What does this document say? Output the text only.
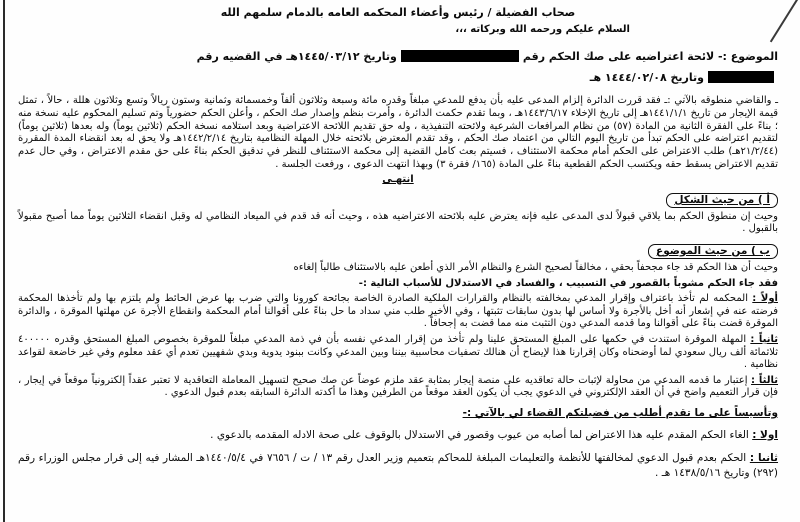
صحاب الفضيلة / رئيس وأعضاء المحكمه العامه بالدمام سلمهم الله
السلام عليكم ورحمه الله وبركاته ،،،
الموضوع :- لائحة اعتراضيه على صك الحكم رقموتاريخ ١٤٤٥/٠٣/١٢هـ في القضيه رقم
وتاريخ ١٤٤٤/٠٢/٠٨ هـ

ـ والقاضي منطوقه بالآتي :ـ فقد قررت الدائرة إلزام المدعى عليه بأن يدفع للمدعي مبلغاً وقدره مائة وسبعة وثلاثون ألفاً وخمسمائة وثمانية وستون ريالاً وتسع وثلاثون هللة ، حالاً ، تمثل قيمة الإيجار من تاريخ ١٤٤١/١/١هـ إلى تاريخ الإخلاء ١٤٤٣/٦/١٧هـ ، وبما تقدم حكمت الدائرة ، وأمرت بنظم وإصدار صك الحكم ، وأعلن الحكم حضورياً وتم تسليم المحكوم عليه نسخة منه ؛ بناءً على الفقرة الثانية من المادة (٥٧) من نظام المرافعات الشرعية ولائحته التنفيذية ، وله حق تقديم اللائحة الاعتراضية وبعد استلامه نسخة الحكم (ثلاثين يوماً) وله بعدها (ثلاثين يوماً) لتقديم اعتراضه على الحكم تبدأ من تاريخ اليوم التالي من اعتماد صك الحكم ، وقد تقدم المعترض بلائحته خلال المهلة النظامية بتاريخ ١٤٤٢/٢/١٤هـ ولا يحق له بعد انقضاء المدة المقررة (٢١/٢/٤٤هـ) طلب الاعتراض على الحكم أمام محكمة الاستئناف ، فسيتم بعث كامل القضية إلى محكمة الاستئناف للنظر في تدقيق الحكم بناءً على حق مقدم الاعتراض ، وفي حال عدم تقديم الاعتراض يسقط حقه ويكتسب الحكم القطعية بناءً على المادة (١٦٥/ فقرة ٣) وبهذا انتهت الدعوى ، ورفعت الجلسة .

انتهـى
أ ) من حيث الشكل

وحيث إن منطوق الحكم بما يلاقي قبولاً لدى المدعى عليه فإنه يعترض عليه بلائحته الاعتراضيه هذه ، وحيث أنه قد قدم في الميعاد النظامي له وقبل انقضاء الثلاثين يوماً مما أصبح مقبولاً بالقبول .

ب ) من حيث الموضوع

وحيث أن هذا الحكم قد جاء مجحفاً بحقي ، مخالفاً لصحيح الشرع والنظام الأمر الذي أطعن عليه بالاستئناف طالباً إلغاءه

فقد جاء الحكم مشوباً بالقصور في التسبيب ، والفساد في الاستدلال للأسباب التالية :-

أولاً : المحكمه لم تأخذ باعتراف وإقرار المدعي بمخالفته بالنظام والقرارات الملكية الصادرة الخاصة بجائحة كورونا والتي ضرب بها عرض الحائط ولم يلتزم بها ولم تأخذها المحكمة فرضته عنه في إشعار أنه أخل بالأجرة ولا أساس لها بدون سابقات تثبتها ، وفي الأخير طلب مني سداد ما حل بناءً على أقوالنا أمام المحكمة وانقطاع الأجرة عن مهلتها الموقرة ، والدائرة الموقرة قضت بناءً على أقوالنا وما قدمه المدعي دون التثبت منه مما قضت به إجحافاً .

ثانياً : المهلة الموقرة استندت في حكمها على المبلغ المستحق علينا ولم تأخذ من إقرار المدعي نفسه بأن في ذمة المدعي مبلغاً للموقرة بخصوص المبلغ المستحق وقدره ٤٠٠٠٠٠ ثلاثمائة ألف ريال سعودي لما أوضحناه وكان إقرارنا هذا لإيضاح أن هنالك تصفيات محاسبية بيننا وبين المدعي وكانت ببنود يدوية وبدي شفهيين تعدم أي عقد معلوم وفي غير خاضعة لقواعد نظامية .

ثالثاً : إعتبار ما قدمه المدعي من محاولة لإثبات حالة تعاقديه على منصة إيجار بمثابة عقد ملزم عوضاً عن صك صحيح لتسهيل المعاملة التعاقدية لا تعتبر عقداً إلكترونياً موقعاً في إيجار ، فإن قرار التعميم واضح في أن العقد الإلكتروني في الدعوي يجب أن يكون العقد موقعاً من الطرفين وهذا ما أكدته الدائرة السابقه بعدم قبول الدعوي .

وتأسيساً على ما تقدم أطلب من فضيلتكم القضاء لي بالآتي :-

اولا : الغاء الحكم المقدم عليه هذا الاعتراض لما أصابه من عيوب وقصور في الاستدلال بالوقوف على صحة الادله المقدمه بالدعوي .

ثانيا : الحكم بعدم قبول الدعوي لمخالفتها للأنظمة والتعليمات المبلغة للمحاكم بتعميم وزير العدل رقم ١٣ / ت / ٧٦٥٦ في ١٤٤٠/٥/٤هـ المشار فيه إلى قرار مجلس الوزراء رقم (٢٩٢) وتاريخ ١٤٣٨/٥/١٦ هـ .
